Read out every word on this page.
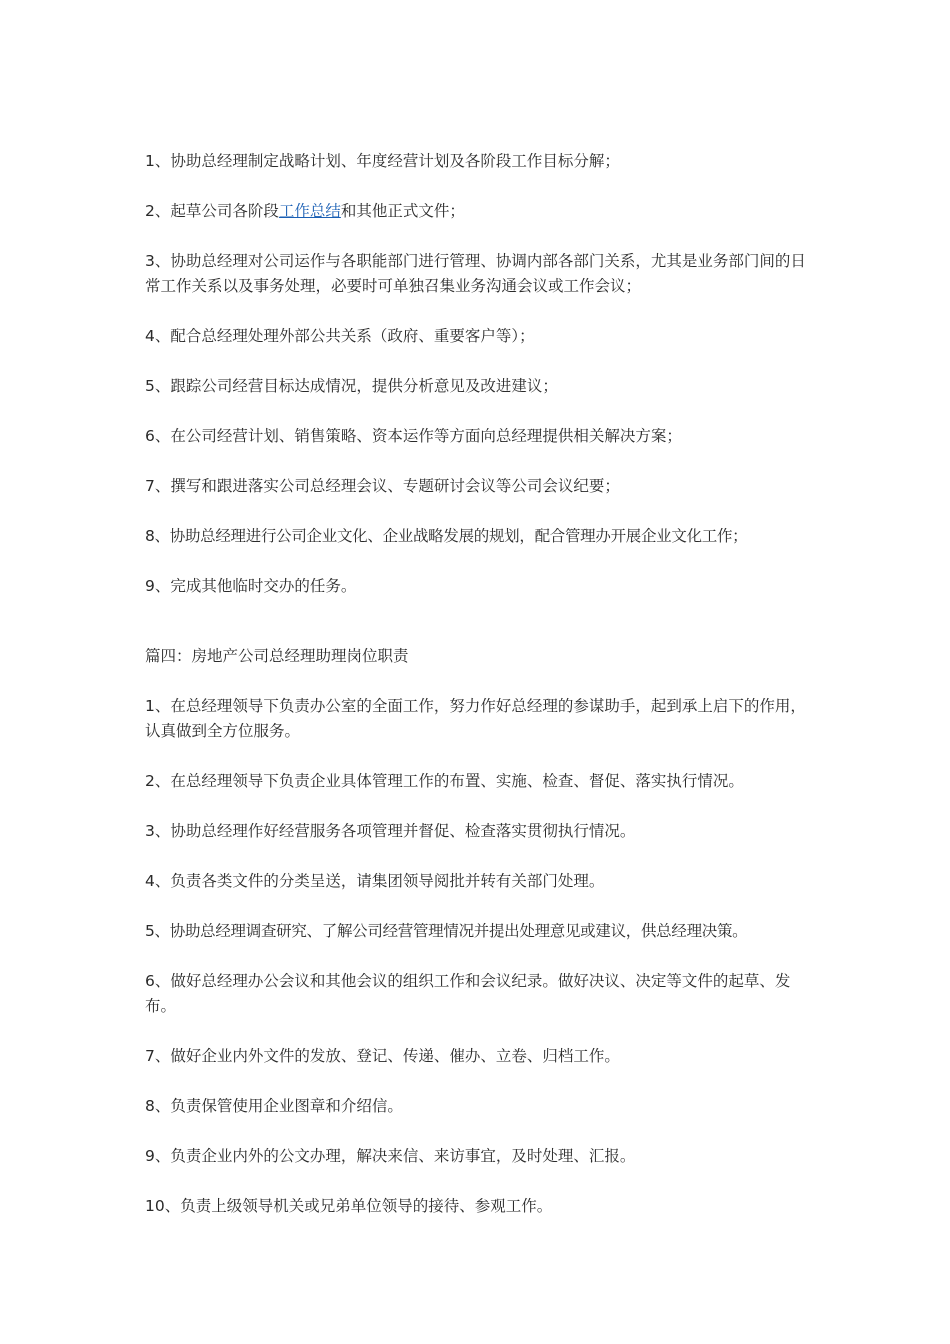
1、协助总经理制定战略计划、年度经营计划及各阶段工作目标分解；

2、起草公司各阶段工作总结和其他正式文件；

3、协助总经理对公司运作与各职能部门进行管理、协调内部各部门关系，尤其是业务部门间的日常工作关系以及事务处理，必要时可单独召集业务沟通会议或工作会议；

4、配合总经理处理外部公共关系（政府、重要客户等）；

5、跟踪公司经营目标达成情况，提供分析意见及改进建议；

6、在公司经营计划、销售策略、资本运作等方面向总经理提供相关解决方案；

7、撰写和跟进落实公司总经理会议、专题研讨会议等公司会议纪要；

8、协助总经理进行公司企业文化、企业战略发展的规划，配合管理办开展企业文化工作；

9、完成其他临时交办的任务。

篇四：房地产公司总经理助理岗位职责

1、在总经理领导下负责办公室的全面工作，努力作好总经理的参谋助手，起到承上启下的作用，认真做到全方位服务。

2、在总经理领导下负责企业具体管理工作的布置、实施、检查、督促、落实执行情况。

3、协助总经理作好经营服务各项管理并督促、检查落实贯彻执行情况。

4、负责各类文件的分类呈送，请集团领导阅批并转有关部门处理。

5、协助总经理调查研究、了解公司经营管理情况并提出处理意见或建议，供总经理决策。

6、做好总经理办公会议和其他会议的组织工作和会议纪录。做好决议、决定等文件的起草、发布。

7、做好企业内外文件的发放、登记、传递、催办、立卷、归档工作。

8、负责保管使用企业图章和介绍信。

9、负责企业内外的公文办理，解决来信、来访事宜，及时处理、汇报。

10、负责上级领导机关或兄弟单位领导的接待、参观工作。
